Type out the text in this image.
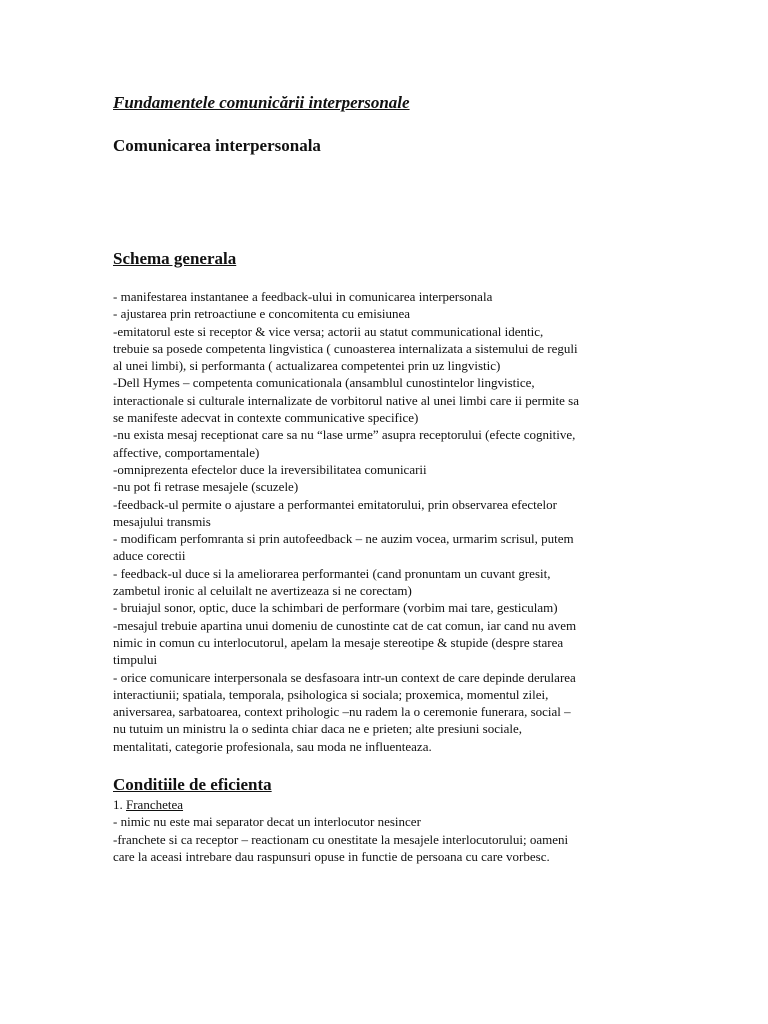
Fundamentele comunicării interpersonale

Comunicarea interpersonala

Schema generala

- manifestarea instantanee a feedback-ului in comunicarea interpersonala
- ajustarea prin retroactiune e concomitenta cu emisiunea
-emitatorul este si receptor & vice versa; actorii au statut communicational identic,
trebuie sa posede competenta lingvistica ( cunoasterea internalizata a sistemului de reguli
al unei limbi), si performanta ( actualizarea competentei prin uz lingvistic)
-Dell Hymes – competenta comunicationala (ansamblul cunostintelor lingvistice,
interactionale si culturale internalizate de vorbitorul native al unei limbi care ii permite sa
se manifeste adecvat in contexte communicative specifice)
-nu exista mesaj receptionat care sa nu “lase urme” asupra receptorului (efecte cognitive,
affective, comportamentale)
-omniprezenta efectelor duce la ireversibilitatea comunicarii
-nu pot fi retrase mesajele (scuzele)
-feedback-ul permite o ajustare a performantei emitatorului, prin observarea efectelor
mesajului transmis
- modificam perfomranta si prin autofeedback – ne auzim vocea, urmarim scrisul, putem
aduce corectii
- feedback-ul duce si la ameliorarea performantei (cand pronuntam un cuvant gresit,
zambetul ironic al celuilalt ne avertizeaza si ne corectam)
- bruiajul sonor, optic, duce la schimbari de performare (vorbim mai tare, gesticulam)
-mesajul trebuie apartina unui domeniu de cunostinte cat de cat comun, iar cand nu avem
nimic in comun cu interlocutorul, apelam la mesaje stereotipe & stupide (despre starea
timpului
- orice comunicare interpersonala se desfasoara intr-un context de care depinde derularea
interactiunii; spatiala, temporala, psihologica si sociala; proxemica, momentul zilei,
aniversarea, sarbatoarea, context prihologic –nu radem la o ceremonie funerara, social –
nu tutuim un ministru la o sedinta chiar daca ne e prieten; alte presiuni sociale,
mentalitati, categorie profesionala, sau moda ne influenteaza.

Conditiile de eficienta

1. Franchetea

- nimic nu este mai separator decat un interlocutor nesincer
-franchete si ca receptor – reactionam cu onestitate la mesajele interlocutorului; oameni
care la aceasi intrebare dau raspunsuri opuse in functie de persoana cu care vorbesc.
